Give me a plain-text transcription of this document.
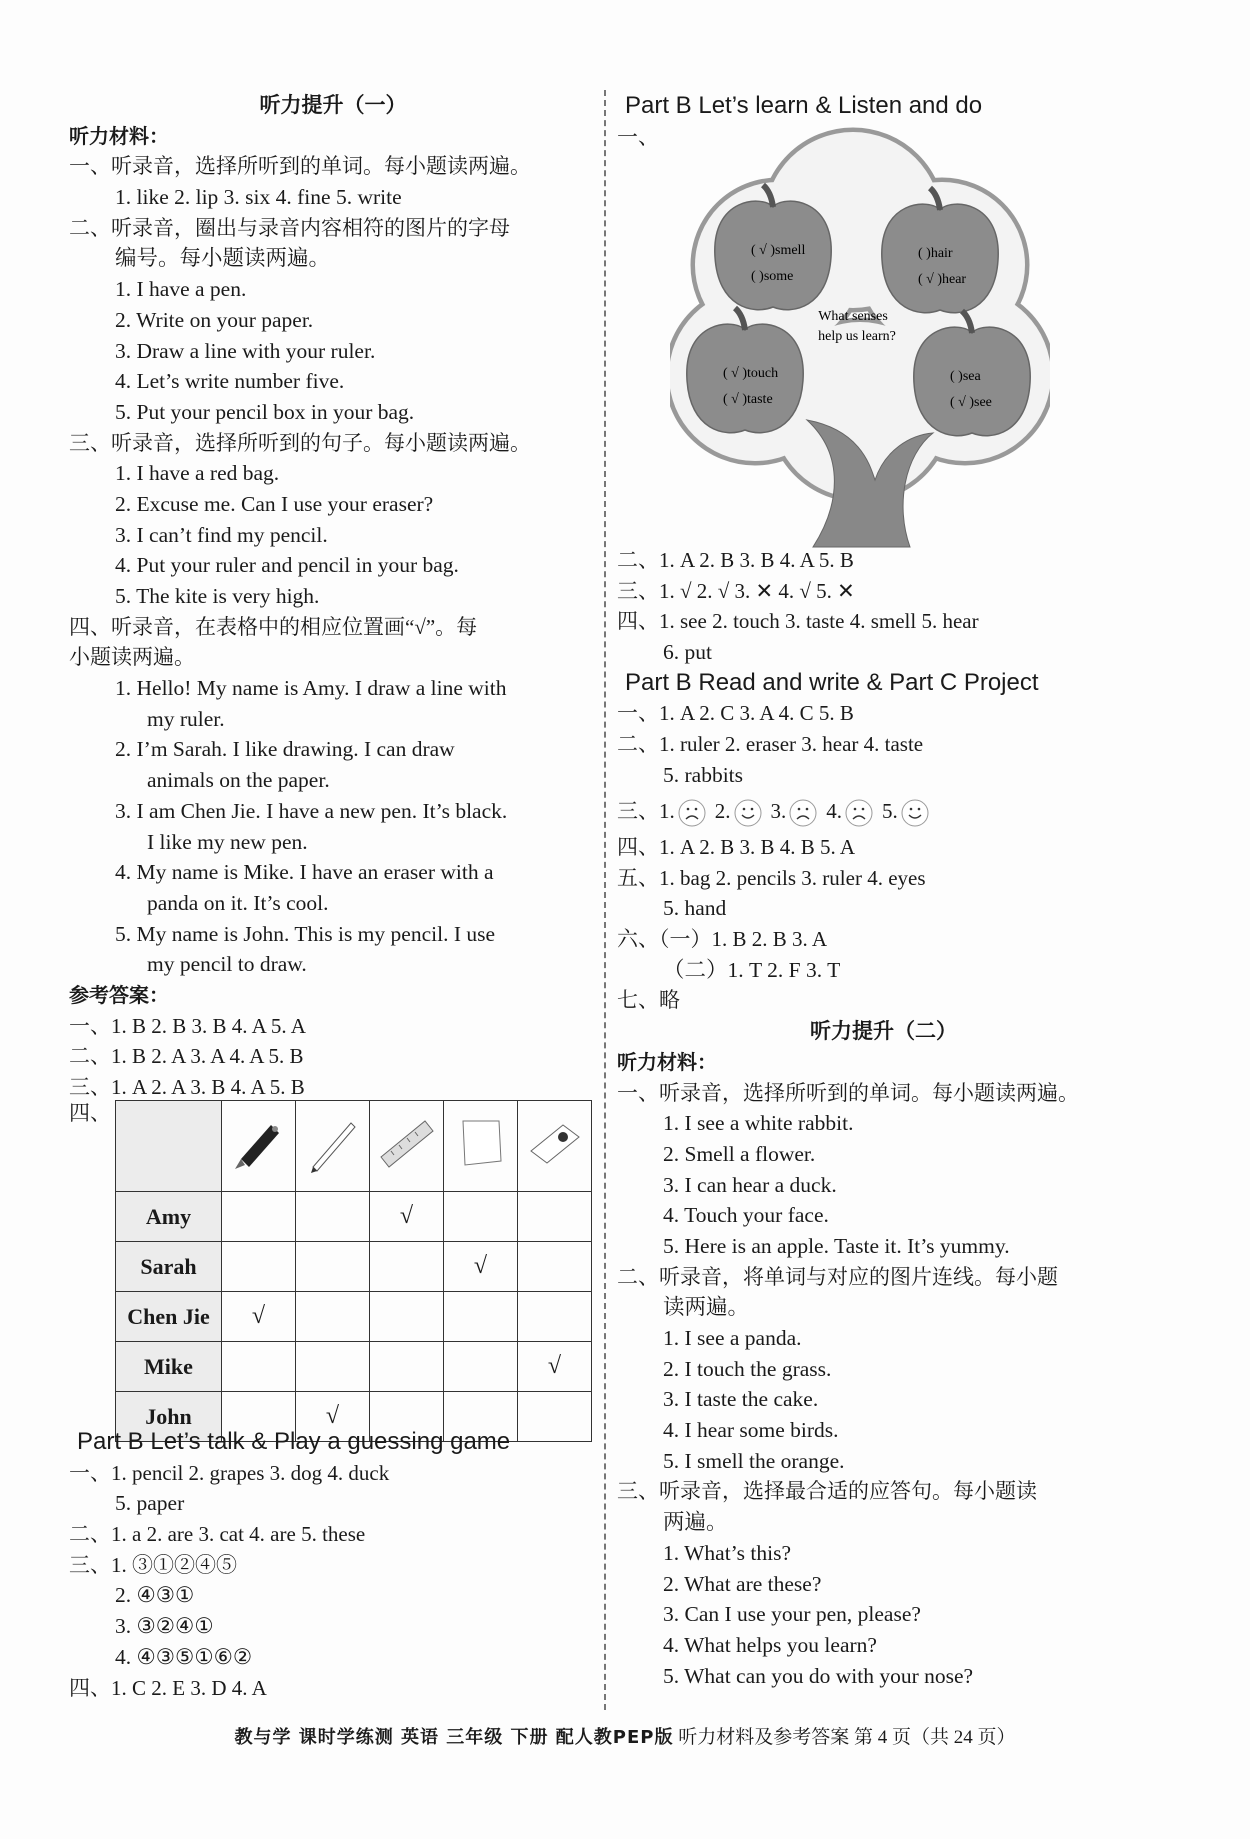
听力提升（一）
听力材料：
一、听录音，选择所听到的单词。每小题读两遍。
1. like 2. lip 3. six 4. fine 5. write
二、听录音，圈出与录音内容相符的图片的字母
编号。每小题读两遍。
1. I have a pen.
2. Write on your paper.
3. Draw a line with your ruler.
4. Let’s write number five.
5. Put your pencil box in your bag.
三、听录音，选择所听到的句子。每小题读两遍。
1. I have a red bag.
2. Excuse me. Can I use your eraser?
3. I can’t find my pencil.
4. Put your ruler and pencil in your bag.
5. The kite is very high.
四、听录音，在表格中的相应位置画“√”。每
小题读两遍。
1. Hello! My name is Amy. I draw a line with
my ruler.
2. I’m Sarah. I like drawing. I can draw
animals on the paper.
3. I am Chen Jie. I have a new pen. It’s black.
I like my new pen.
4. My name is Mike. I have an eraser with a
panda on it. It’s cool.
5. My name is John. This is my pencil. I use
my pencil to draw.
参考答案：
一、1. B 2. B 3. B 4. A 5. A
二、1. B 2. A 3. A 4. A 5. B
三、1. A 2. A 3. B 4. A 5. B
四、

Amy			√		
Sarah				√	
Chen Jie	√				
Mike					√
John		√			
Part B Let’s talk & Play a guessing game
一、1. pencil 2. grapes 3. dog 4. duck
5. paper
二、1. a 2. are 3. cat 4. are 5. these
三、1. ③①②④⑤
2. ④③①
3. ③②④①
4. ④③⑤①⑥②
四、1. C 2. E 3. D 4. A
Part B Let’s learn & Listen and do
一、
( √ )smell
( )some
( )hair
( √ )hear
( √ )touch
( √ )taste
( )sea
( √ )see
What senses
help us learn?
二、1. A 2. B 3. B 4. A 5. B
三、1. √ 2. √ 3. ✕ 4. √ 5. ✕
四、1. see 2. touch 3. taste 4. smell 5. hear
6. put
Part B Read and write & Part C Project
一、1. A 2. C 3. A 4. C 5. B
二、1. ruler 2. eraser 3. hear 4. taste
5. rabbits
三、1. 2. 3. 4. 5.
四、1. A 2. B 3. B 4. B 5. A
五、1. bag 2. pencils 3. ruler 4. eyes
5. hand
六、（一）1. B 2. B 3. A
（二）1. T 2. F 3. T
七、略
听力提升（二）
听力材料：
一、听录音，选择所听到的单词。每小题读两遍。
1. I see a white rabbit.
2. Smell a flower.
3. I can hear a duck.
4. Touch your face.
5. Here is an apple. Taste it. It’s yummy.
二、听录音，将单词与对应的图片连线。每小题
读两遍。
1. I see a panda.
2. I touch the grass.
3. I taste the cake.
4. I hear some birds.
5. I smell the orange.
三、听录音，选择最合适的应答句。每小题读
两遍。
1. What’s this?
2. What are these?
3. Can I use your pen, please?
4. What helps you learn?
5. What can you do with your nose?
教与学 课时学练测 英语 三年级 下册 配人教PEP版 听力材料及参考答案 第 4 页（共 24 页）
